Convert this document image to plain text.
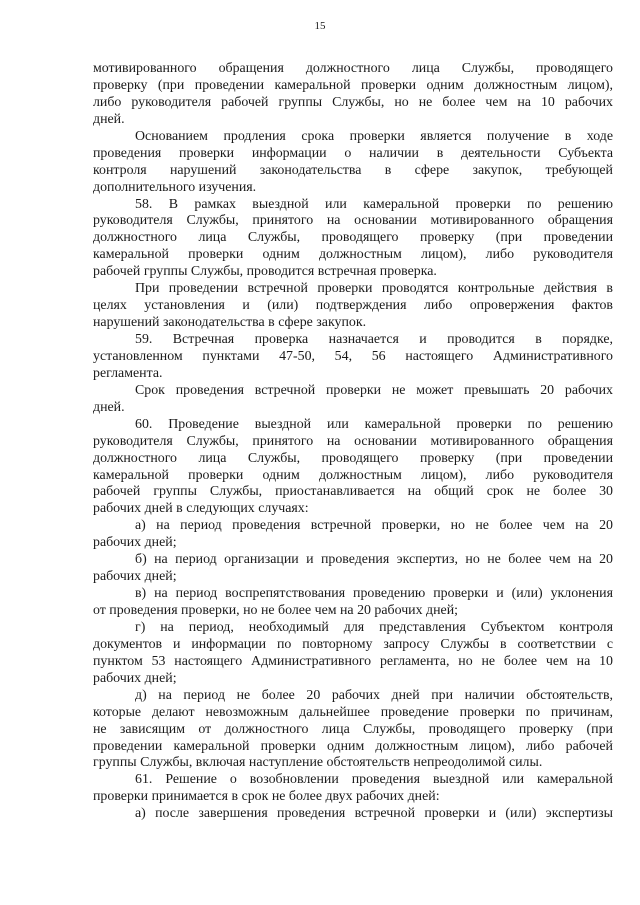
15
мотивированного обращения должностного лица Службы, проводящего
проверку (при проведении камеральной проверки одним должностным лицом),
либо руководителя рабочей группы Службы, но не более чем на 10 рабочих
дней.
Основанием продления срока проверки является получение в ходе
проведения проверки информации о наличии в деятельности Субъекта
контроля нарушений законодательства в сфере закупок, требующей
дополнительного изучения.
58. В рамках выездной или камеральной проверки по решению
руководителя Службы, принятого на основании мотивированного обращения
должностного лица Службы, проводящего проверку (при проведении
камеральной проверки одним должностным лицом), либо руководителя
рабочей группы Службы, проводится встречная проверка.
При проведении встречной проверки проводятся контрольные действия в
целях установления и (или) подтверждения либо опровержения фактов
нарушений законодательства в сфере закупок.
59. Встречная проверка назначается и проводится в порядке,
установленном пунктами 47-50, 54, 56 настоящего Административного
регламента.
Срок проведения встречной проверки не может превышать 20 рабочих
дней.
60. Проведение выездной или камеральной проверки по решению
руководителя Службы, принятого на основании мотивированного обращения
должностного лица Службы, проводящего проверку (при проведении
камеральной проверки одним должностным лицом), либо руководителя
рабочей группы Службы, приостанавливается на общий срок не более 30
рабочих дней в следующих случаях:
а) на период проведения встречной проверки, но не более чем на 20
рабочих дней;
б) на период организации и проведения экспертиз, но не более чем на 20
рабочих дней;
в) на период воспрепятствования проведению проверки и (или) уклонения
от проведения проверки, но не более чем на 20 рабочих дней;
г) на период, необходимый для представления Субъектом контроля
документов и информации по повторному запросу Службы в соответствии с
пунктом 53 настоящего Административного регламента, но не более чем на 10
рабочих дней;
д) на период не более 20 рабочих дней при наличии обстоятельств,
которые делают невозможным дальнейшее проведение проверки по причинам,
не зависящим от должностного лица Службы, проводящего проверку (при
проведении камеральной проверки одним должностным лицом), либо рабочей
группы Службы, включая наступление обстоятельств непреодолимой силы.
61. Решение о возобновлении проведения выездной или камеральной
проверки принимается в срок не более двух рабочих дней:
а) после завершения проведения встречной проверки и (или) экспертизы
